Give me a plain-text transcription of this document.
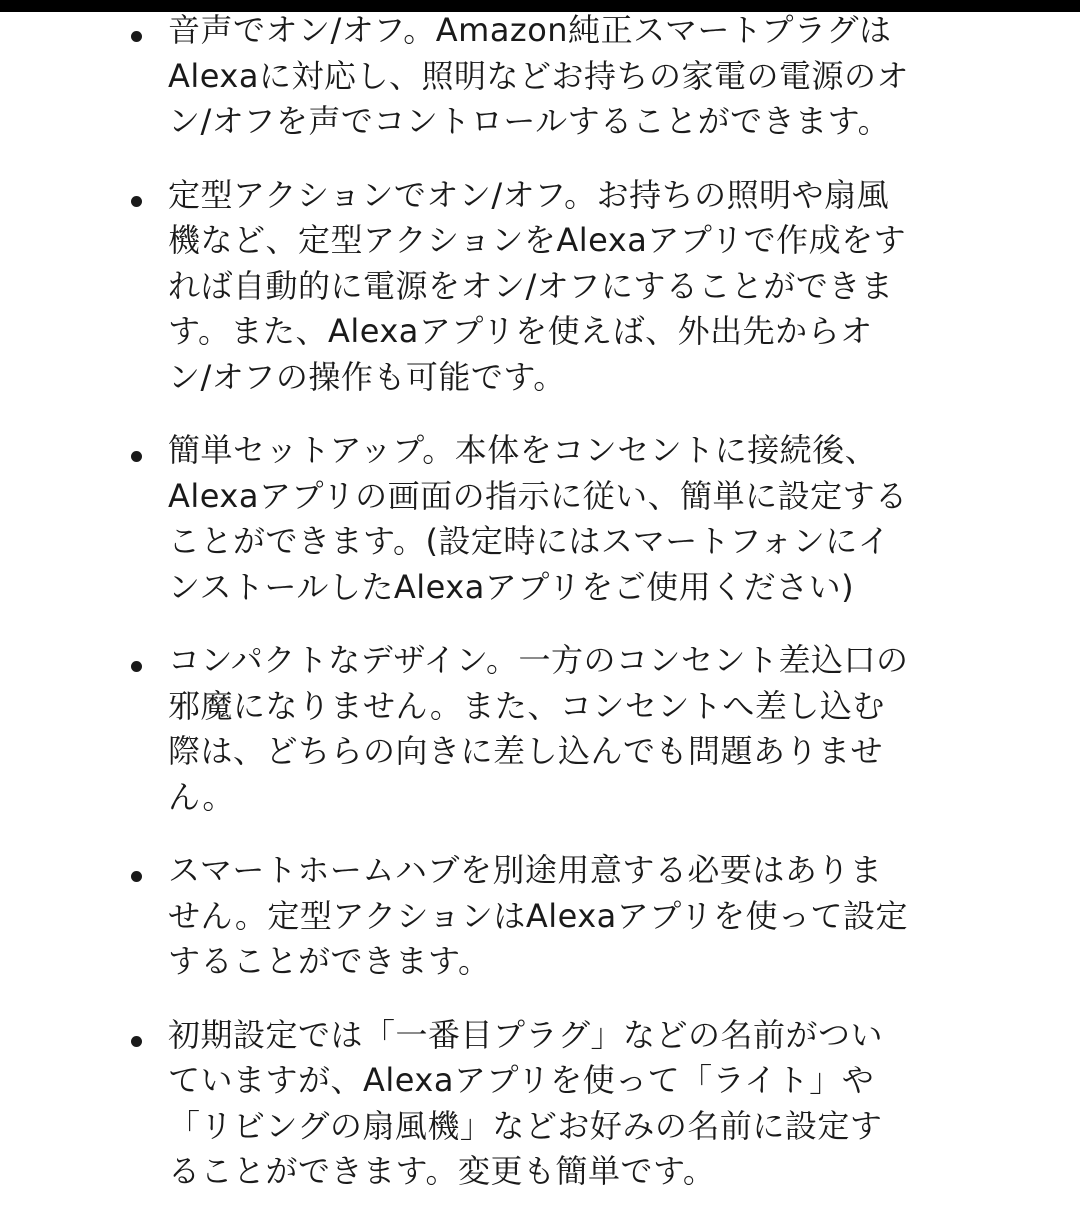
音声でオン/オフ。Amazon純正スマートプラグは
Alexaに対応し、照明などお持ちの家電の電源のオ
ン/オフを声でコントロールすることができます。
定型アクションでオン/オフ。お持ちの照明や扇風
機など、定型アクションをAlexaアプリで作成をす
れば自動的に電源をオン/オフにすることができま
す。また、Alexaアプリを使えば、外出先からオ
ン/オフの操作も可能です。
簡単セットアップ。本体をコンセントに接続後、
Alexaアプリの画面の指示に従い、簡単に設定する
ことができます。(設定時にはスマートフォンにイ
ンストールしたAlexaアプリをご使用ください)
コンパクトなデザイン。一方のコンセント差込口の
邪魔になりません。また、コンセントへ差し込む
際は、どちらの向きに差し込んでも問題ありませ
ん。
スマートホームハブを別途用意する必要はありま
せん。定型アクションはAlexaアプリを使って設定
することができます。
初期設定では「一番目プラグ」などの名前がつい
ていますが、Alexaアプリを使って「ライト」や
「リビングの扇風機」などお好みの名前に設定す
ることができます。変更も簡単です。
